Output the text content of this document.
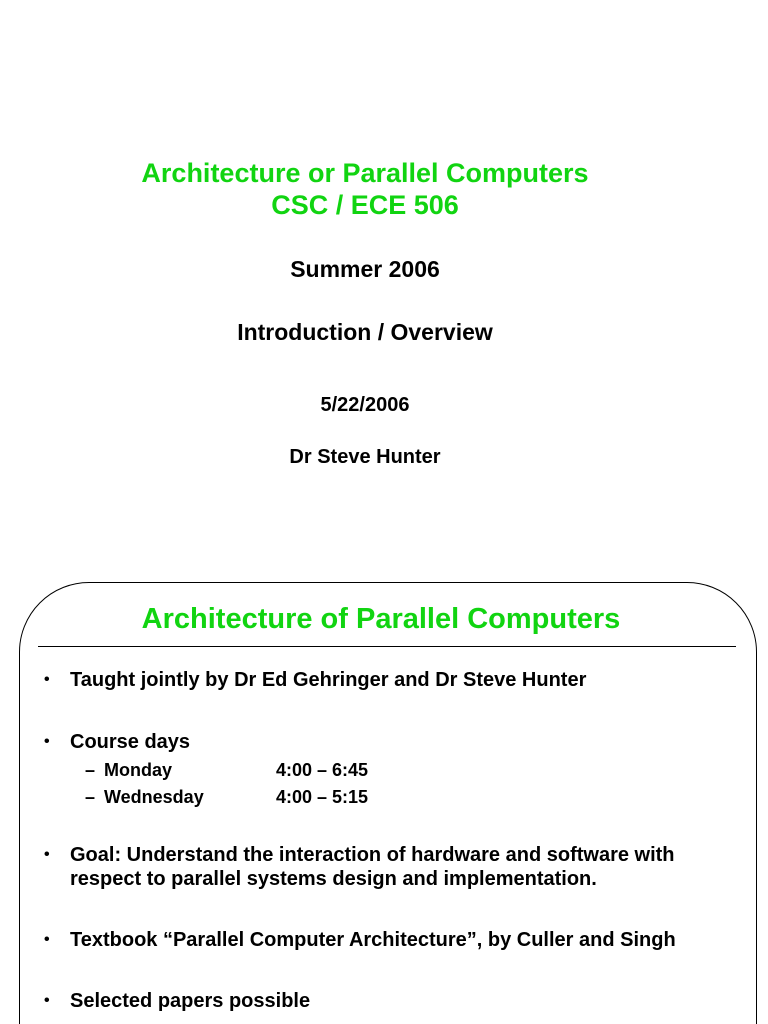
Architecture or Parallel Computers

CSC / ECE 506

Summer 2006

Introduction / Overview

5/22/2006

Dr Steve Hunter

Architecture of Parallel Computers

• Taught jointly by Dr Ed Gehringer and Dr Steve Hunter
• Course days
– Monday	4:00 – 6:45
– Wednesday	4:00 – 5:15
• Goal: Understand the interaction of hardware and software with
respect to parallel systems design and implementation.
• Textbook “Parallel Computer Architecture”, by Culler and Singh
• Selected papers possible
